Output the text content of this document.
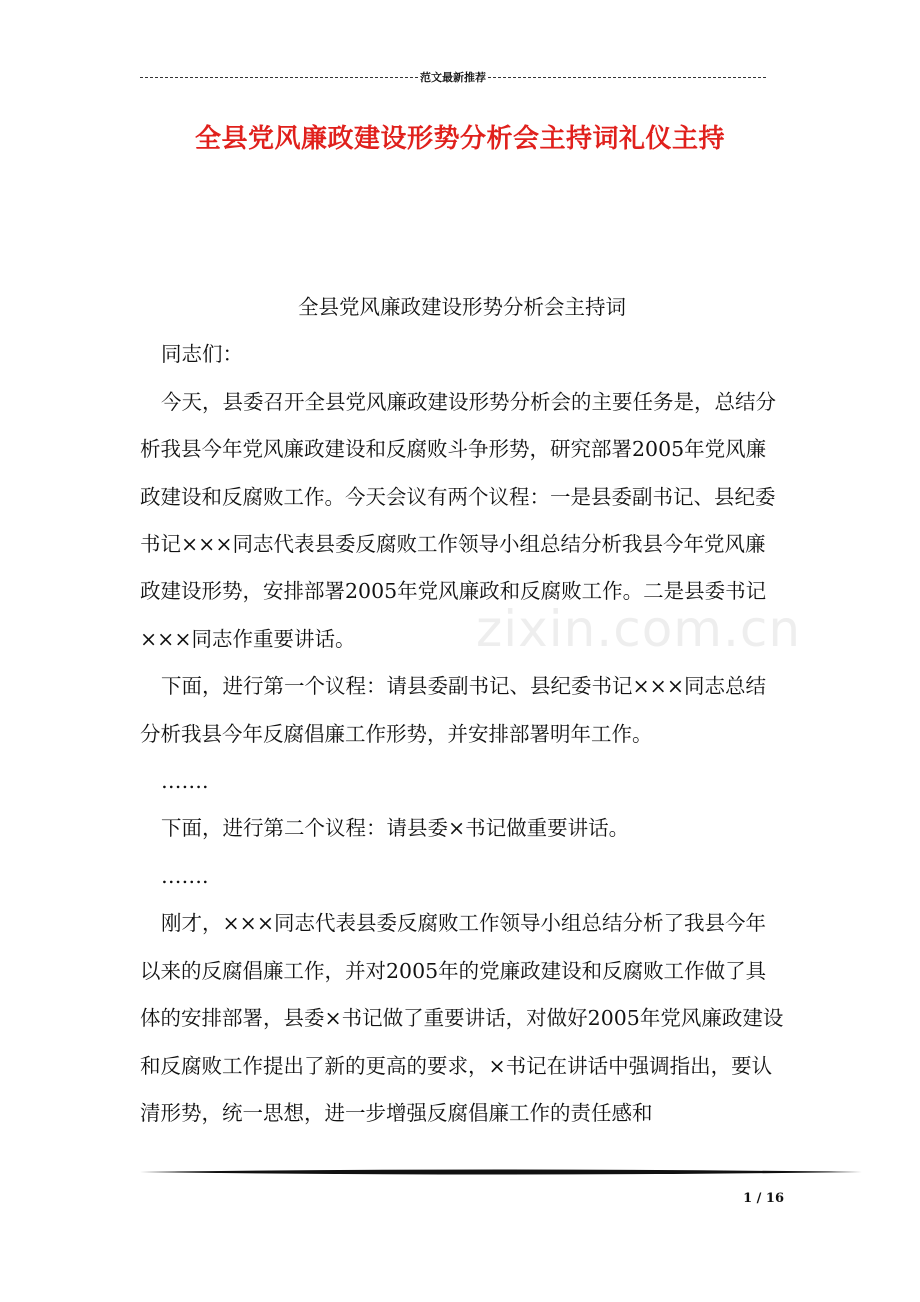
范文最新推荐
全县党风廉政建设形势分析会主持词礼仪主持

全县党风廉政建设形势分析会主持词

同志们：

今天，县委召开全县党风廉政建设形势分析会的主要任务是，总结分析我县今年党风廉政建设和反腐败斗争形势，研究部署2005年党风廉政建设和反腐败工作。今天会议有两个议程：一是县委副书记、县纪委书记×××同志代表县委反腐败工作领导小组总结分析我县今年党风廉政建设形势，安排部署2005年党风廉政和反腐败工作。二是县委书记×××同志作重要讲话。

下面，进行第一个议程：请县委副书记、县纪委书记×××同志总结分析我县今年反腐倡廉工作形势，并安排部署明年工作。

…….

下面，进行第二个议程：请县委×书记做重要讲话。

…….

刚才，×××同志代表县委反腐败工作领导小组总结分析了我县今年以来的反腐倡廉工作，并对2005年的党廉政建设和反腐败工作做了具体的安排部署，县委×书记做了重要讲话，对做好2005年党风廉政建设和反腐败工作提出了新的更高的要求，×书记在讲话中强调指出，要认清形势，统一思想，进一步增强反腐倡廉工作的责任感和

zixin.com.cn
1 / 16
